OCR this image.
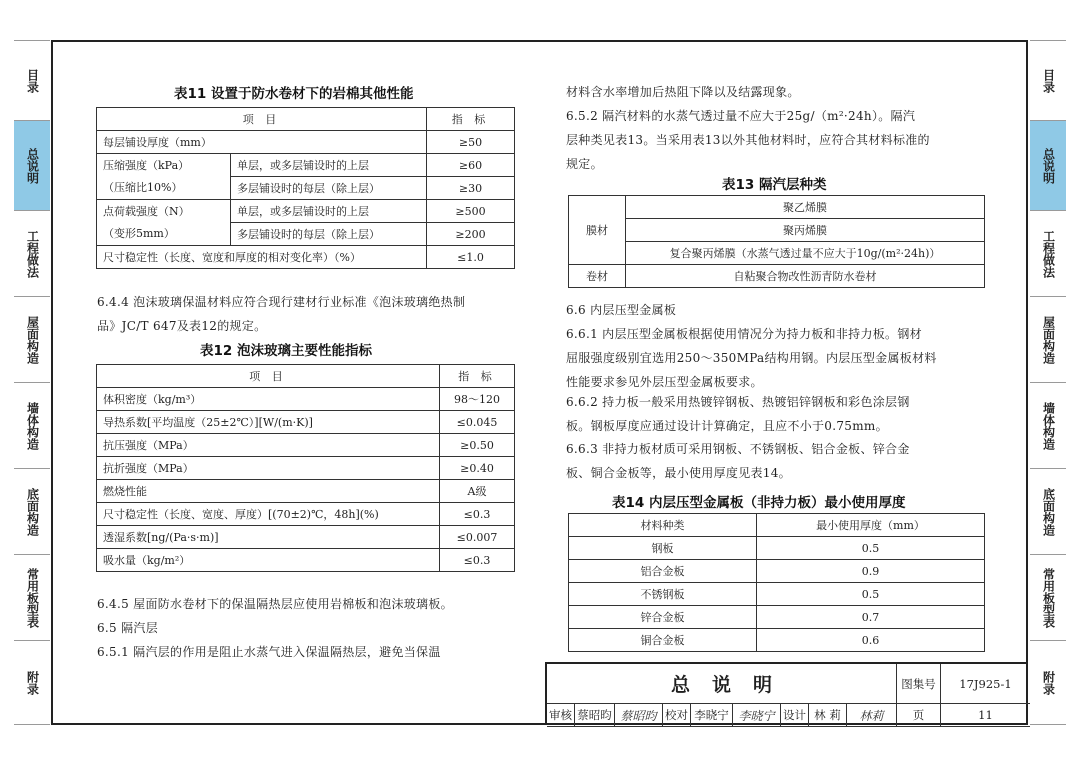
目录
总说明
工程做法
屋面构造
墙体构造
底面构造
常用板型表
附录
目录
总说明
工程做法
屋面构造
墙体构造
底面构造
常用板型表
附录
表11 设置于防水卷材下的岩棉其他性能
项 目		指 标
每层铺设厚度（mm）		≥50

压缩强度（kPa）
（压缩比10%）	单层，或多层铺设时的上层	≥60
	多层铺设时的每层（除上层）	≥30

点荷载强度（N）
（变形5mm）	单层，或多层铺设时的上层	≥500
	多层铺设时的每层（除上层）	≥200
尺寸稳定性（长度、宽度和厚度的相对变化率）（%）		≤1.0
6.4.4 泡沫玻璃保温材料应符合现行建材行业标准《泡沫玻璃绝热制
品》JC/T 647及表12的规定。
表12 泡沫玻璃主要性能指标
项 目	指 标
体积密度（kg/m³）	98～120
导热系数[平均温度（25±2℃）][W/(m·K)]	≤0.045
抗压强度（MPa）	≥0.50
抗折强度（MPa）	≥0.40
燃烧性能	A级
尺寸稳定性（长度、宽度、厚度）[(70±2)℃，48h](%)	≤0.3
透湿系数[ng/(Pa·s·m)]	≤0.007
吸水量（kg/m²）	≤0.3
6.4.5 屋面防水卷材下的保温隔热层应使用岩棉板和泡沫玻璃板。
6.5 隔汽层
6.5.1 隔汽层的作用是阻止水蒸气进入保温隔热层，避免当保温
材料含水率增加后热阻下降以及结露现象。
6.5.2 隔汽材料的水蒸气透过量不应大于25g/（m²·24h）。隔汽
层种类见表13。当采用表13以外其他材料时，应符合其材料标准的
规定。
表13 隔汽层种类
膜材	聚乙烯膜
	聚丙烯膜
	复合聚丙烯膜（水蒸气透过量不应大于10g/(m²·24h)）
卷材	自粘聚合物改性沥青防水卷材
6.6 内层压型金属板
6.6.1 内层压型金属板根据使用情况分为持力板和非持力板。钢材
屈服强度级别宜选用250～350MPa结构用钢。内层压型金属板材料
性能要求参见外层压型金属板要求。
6.6.2 持力板一般采用热镀锌钢板、热镀铝锌钢板和彩色涂层钢
板。钢板厚度应通过设计计算确定，且应不小于0.75mm。
6.6.3 非持力板材质可采用钢板、不锈钢板、铝合金板、锌合金
板、铜合金板等，最小使用厚度见表14。
表14 内层压型金属板（非持力板）最小使用厚度
材料种类	最小使用厚度（mm）
钢板	0.5
铝合金板	0.9
不锈钢板	0.5
锌合金板	0.7
铜合金板	0.6
总说明	图集号	17J925-1
审核 蔡昭昀 蔡昭昀 校对 李晓宁 李晓宁 设计 林 莉	林莉	页	11
